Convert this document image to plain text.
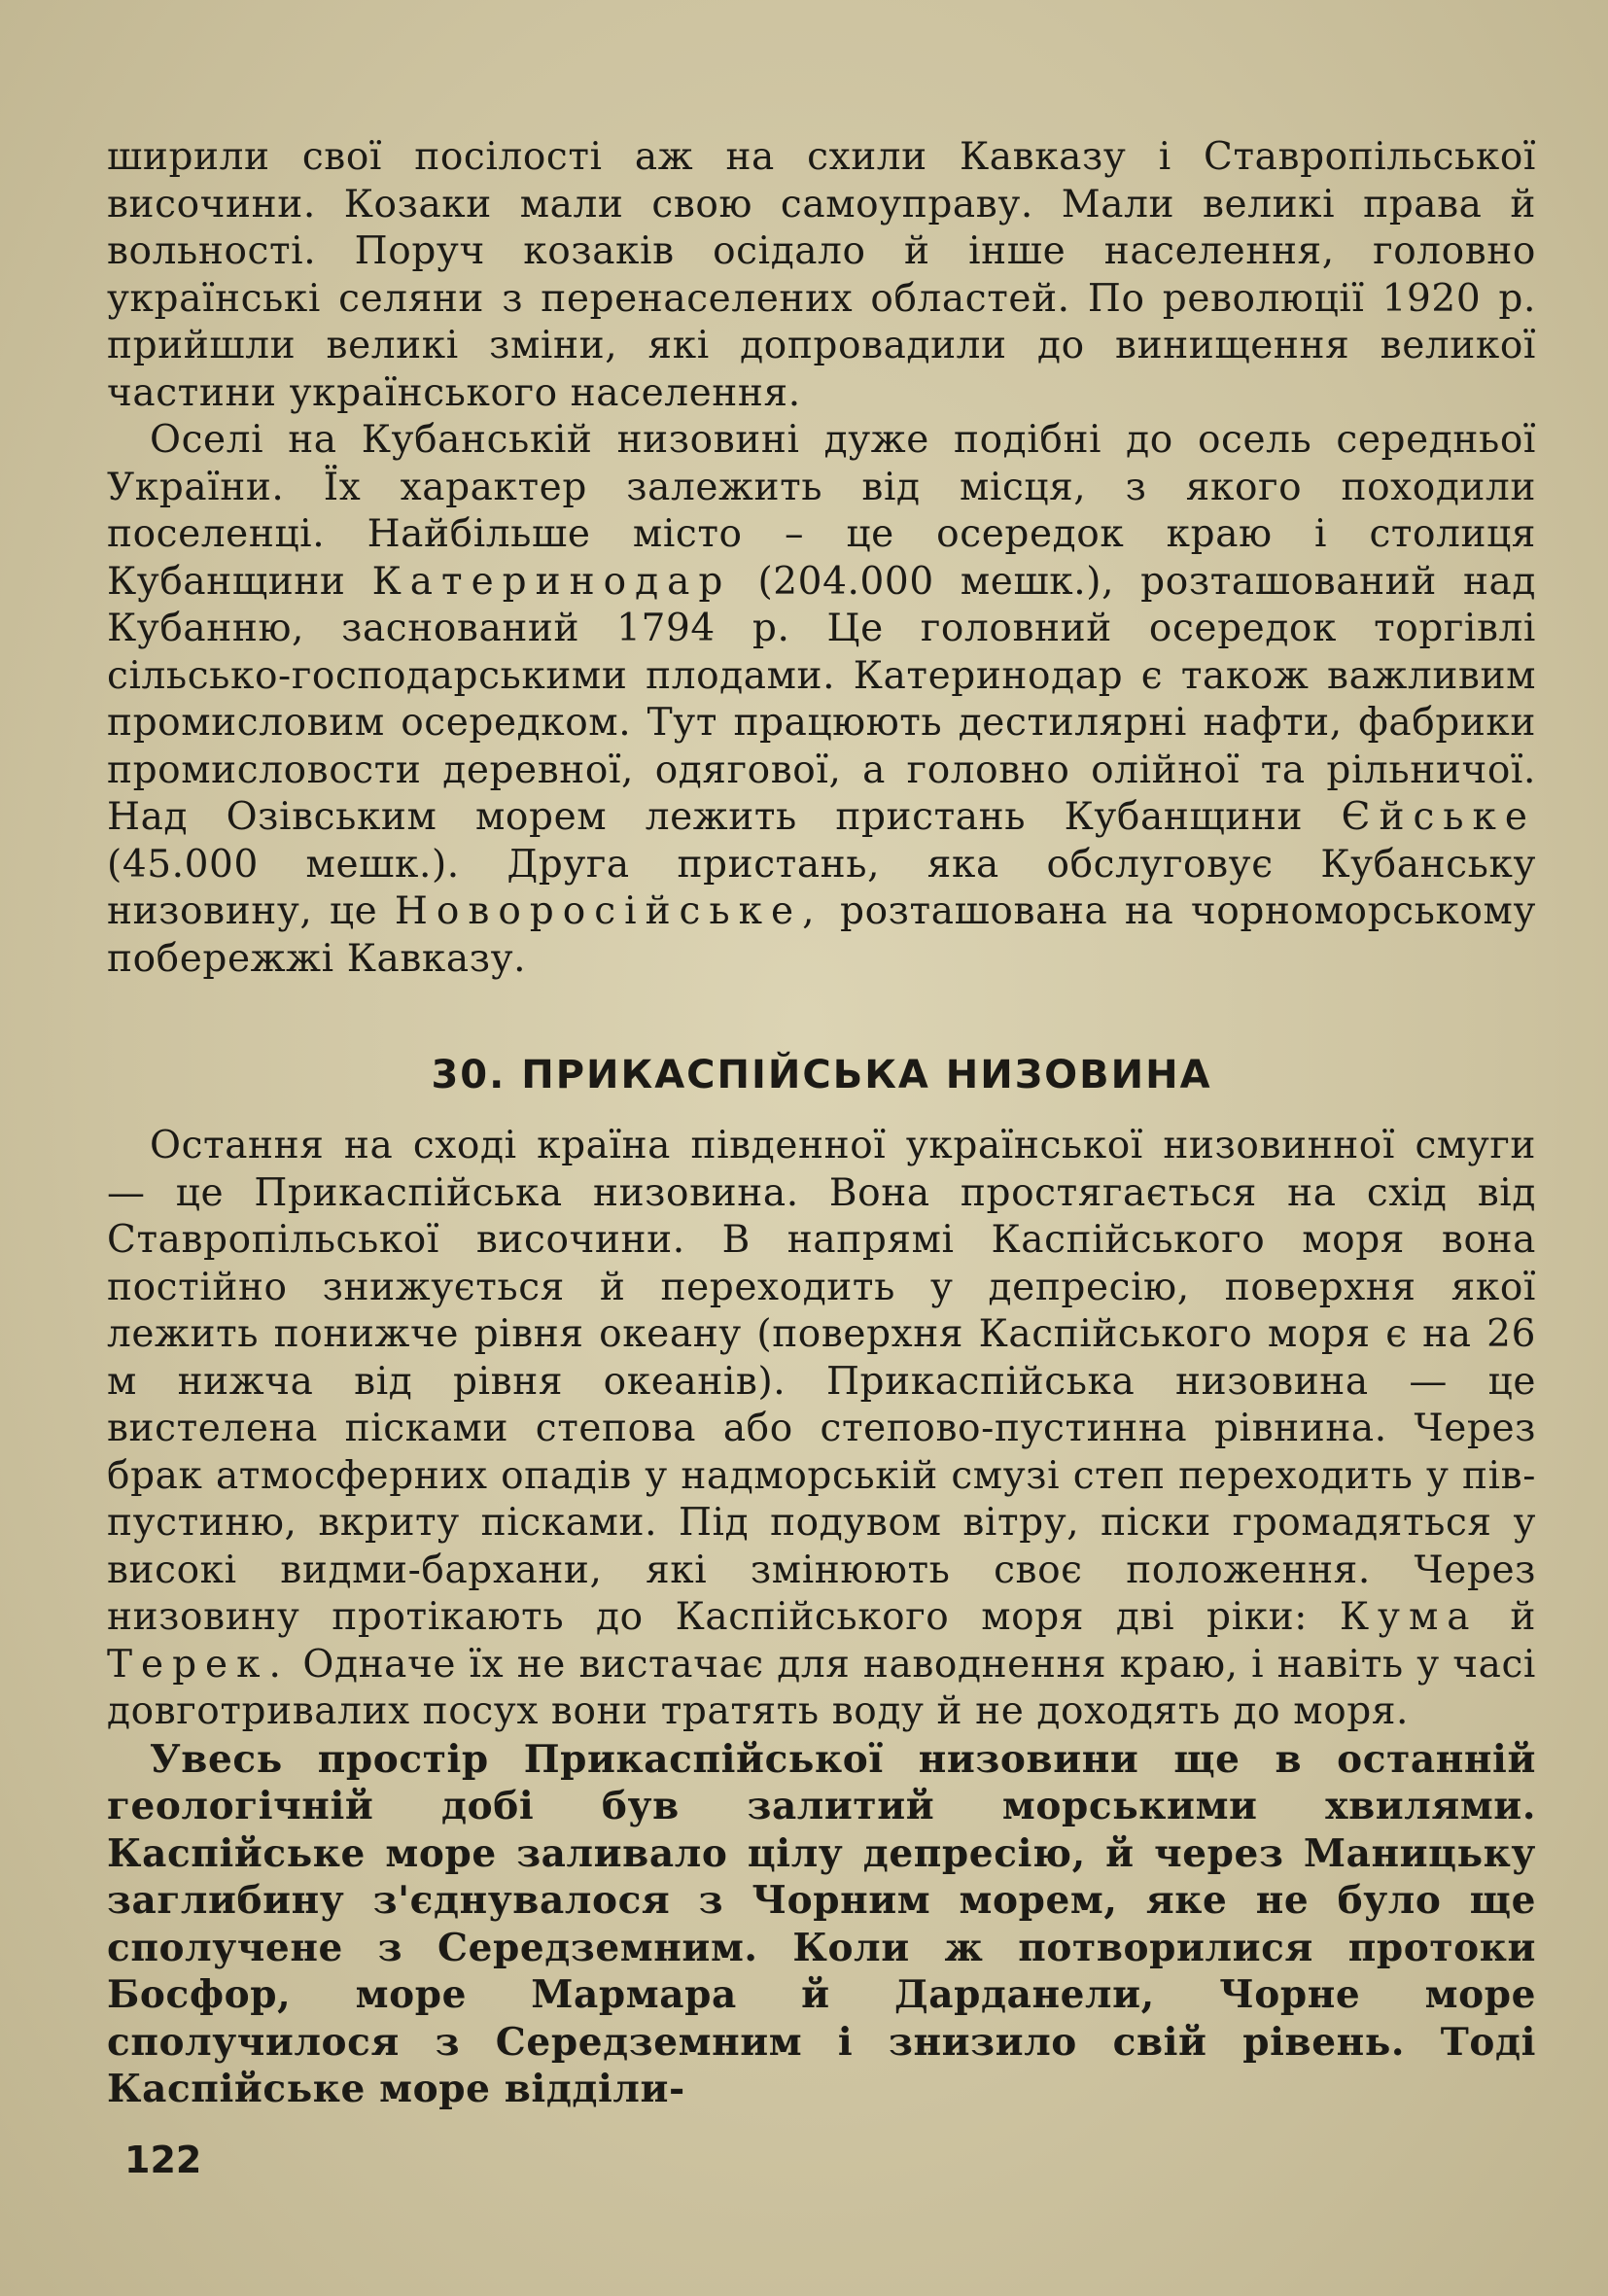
ширили свої посілості аж на схили Кавказу і Ставропільської височини. Козаки мали свою самоуправу. Мали великі права й вольності. Поруч козаків осідало й інше населення, головно українські селяни з перенаселених областей. По революції 1920 р. прийшли великі зміни, які допровадили до винищення великої частини українського населення.

Оселі на Кубанській низовині дуже подібні до осель середньої України. Їх характер залежить від місця, з якого походили поселенці. Найбільше місто – це осередок краю і столиця Кубанщини Катеринодар (204.000 мешк.), розташований над Кубанню, заснований 1794 р. Це головний осередок торгівлі сільсько-господарськими плодами. Катеринодар є також важливим промисловим осередком. Тут працюють дестилярні нафти, фабрики промисловости деревної, одягової, а головно олійної та рільничої. Над Озівським морем лежить пристань Кубанщини Єйське (45.000 мешк.). Друга пристань, яка обслуговує Кубанську низовину, це Новоросійське, розташована на чорноморському побережжі Кавказу.

30. ПРИКАСПІЙСЬКА НИЗОВИНА

Остання на сході країна південної української низовинної смуги — це Прикаспійська низовина. Вона простягається на схід від Ставропільської височини. В напрямі Каспійського моря вона постійно знижується й переходить у депресію, поверхня якої лежить понижче рівня океану (поверхня Каспійського моря є на 26 м нижча від рівня океанів). Прикаспійська низовина — це вистелена пісками степова або степово-пустинна рівнина. Через брак атмосферних опадів у надморській смузі степ переходить у пів-пустиню, вкриту пісками. Під подувом вітру, піски громадяться у високі видми-бархани, які змінюють своє положення. Через низовину протікають до Каспійського моря дві ріки: Кума й Терек. Одначе їх не вистачає для наводнення краю, і навіть у часі довготривалих посух вони тратять воду й не доходять до моря.

Увесь простір Прикаспійської низовини ще в останній геологічній добі був залитий морськими хвилями. Каспійське море заливало цілу депресію, й через Маницьку заглибину з'єднувалося з Чорним морем, яке не було ще сполучене з Середземним. Коли ж потворилися протоки Босфор, море Мармара й Дарданели, Чорне море сполучилося з Середземним і знизило свій рівень. Тоді Каспійське море відділи-

122
